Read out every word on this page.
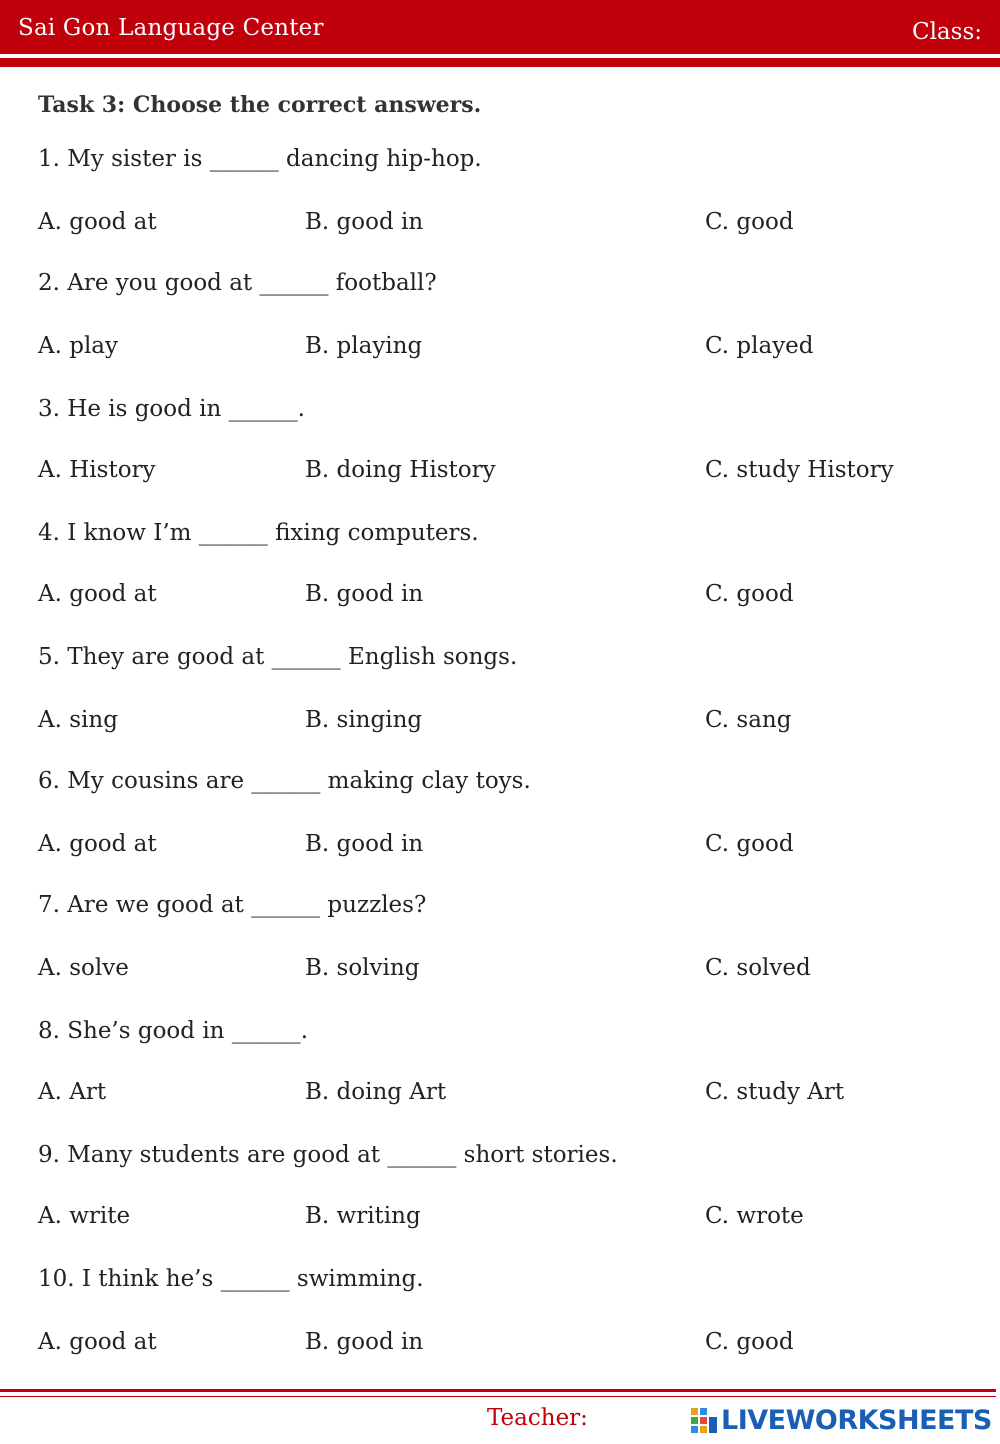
Sai Gon Language Center	Class:
Task 3: Choose the correct answers.
1. My sister is ______ dancing hip-hop.
A. good at	B. good in	C. good
2. Are you good at ______ football?
A. play	B. playing	C. played
3. He is good in ______.
A. History	B. doing History	C. study History
4. I know I’m ______ fixing computers.
A. good at	B. good in	C. good
5. They are good at ______ English songs.
A. sing	B. singing	C. sang
6. My cousins are ______ making clay toys.
A. good at	B. good in	C. good
7. Are we good at ______ puzzles?
A. solve	B. solving	C. solved
8. She’s good in ______.
A. Art	B. doing Art	C. study Art
9. Many students are good at ______ short stories.
A. write	B. writing	C. wrote
10. I think he’s ______ swimming.
A. good at	B. good in	C. good
Teacher:	LIVEWORKSHEETS
